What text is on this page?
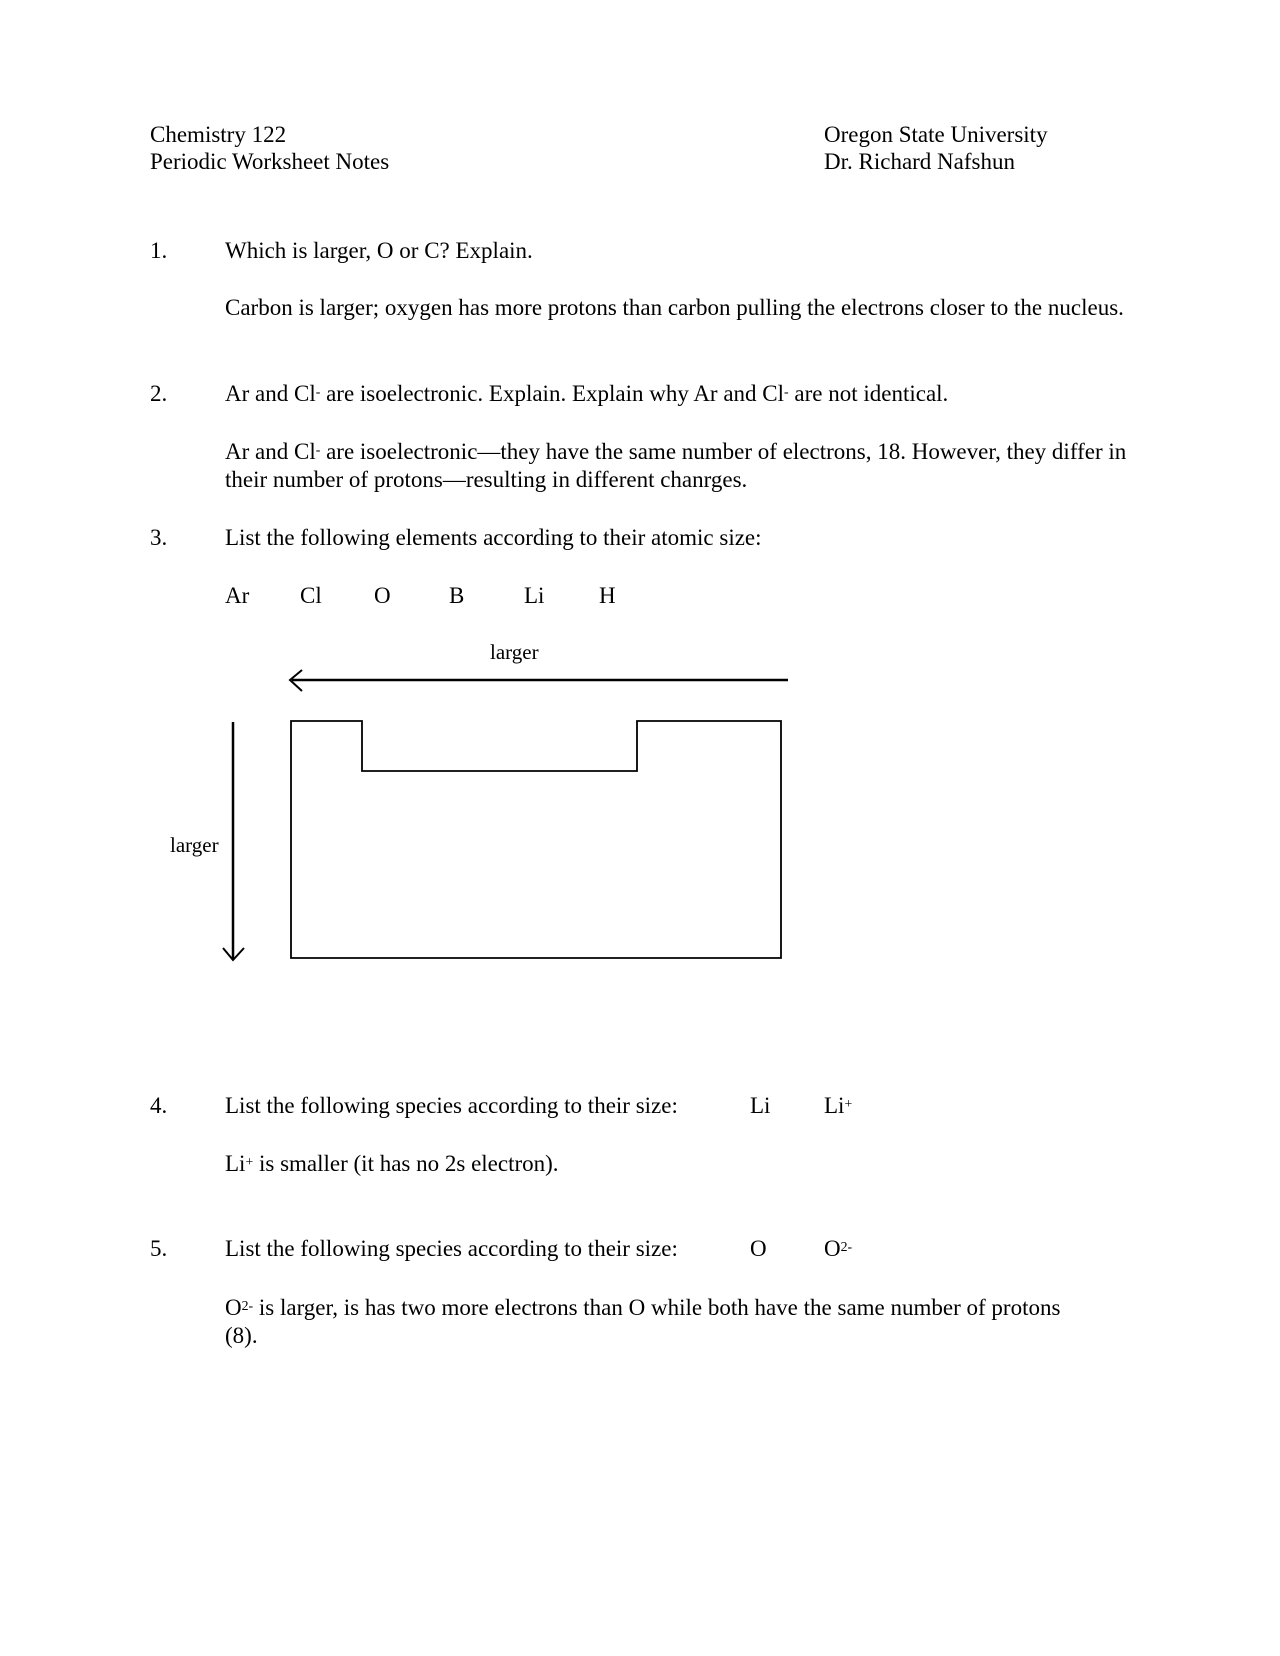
Chemistry 122
Periodic Worksheet Notes
Oregon State University
Dr. Richard Nafshun
1.	Which is larger, O or C? Explain.
Carbon is larger; oxygen has more protons than carbon pulling the electrons closer to the nucleus.
2.	Ar and Cl- are isoelectronic. Explain. Explain why Ar and Cl- are not identical.
Ar and Cl- are isoelectronic—they have the same number of electrons, 18. However, they differ in their number of protons—resulting in different chanrges.
3.	List the following elements according to their atomic size:
Ar Cl O	B	Li H
larger
larger
4.	List the following species according to their size:	Li Li+
Li+ is smaller (it has no 2s electron).
5.	List the following species according to their size:	O $O^{2-}$
$O^{2-}$ is larger, is has two more electrons than O while both have the same number of protons (8).
